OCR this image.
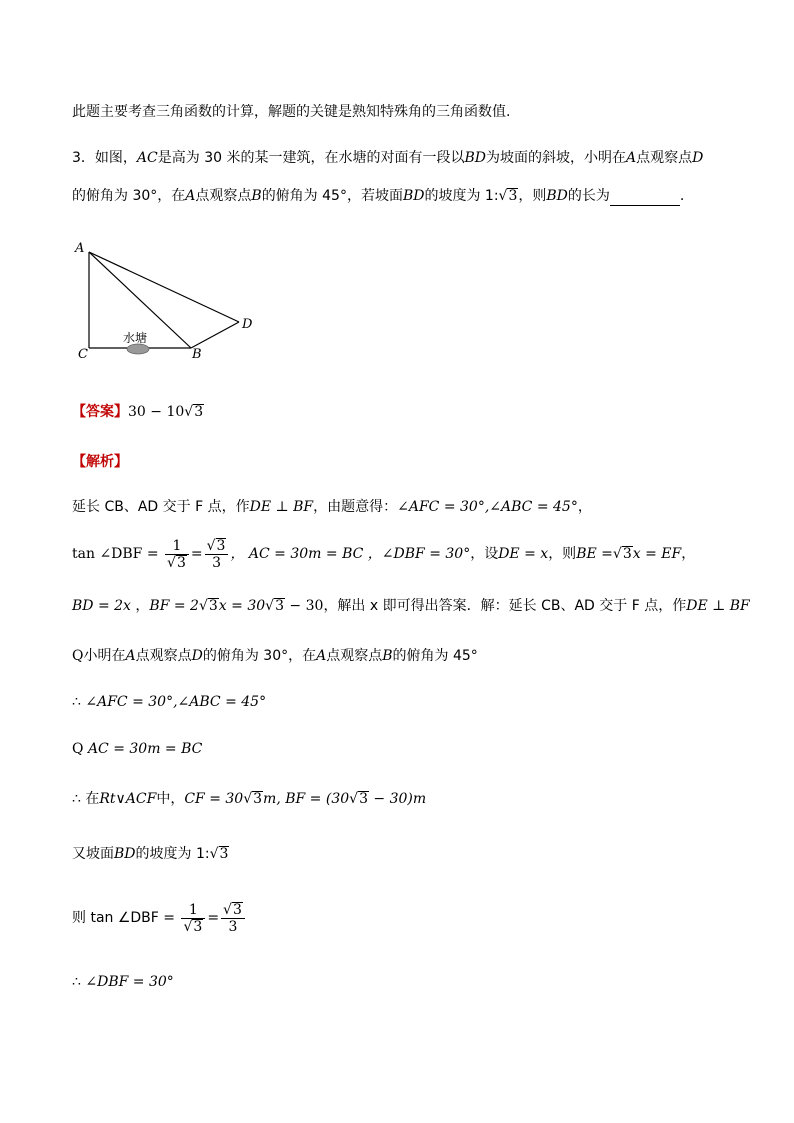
此题主要考查三角函数的计算，解题的关键是熟知特殊角的三角函数值.
3．如图，AC是高为 30 米的某一建筑，在水塘的对面有一段以BD为坡面的斜坡，小明在A点观察点D
的俯角为 30°，在A点观察点B的俯角为 45°，若坡面BD的坡度为 1:√3，则BD的长为	.
A
C	B
D
水塘
【答案】30 − 10√3
【解析】
延长 CB、AD 交于 F 点，作DE ⊥ BF，由题意得：∠AFC = 30°,∠ABC = 45°，
tan ∠DBF = $\frac{1}{√3} = \frac{√3}{3}$ ， AC = 30m = BC ，∠DBF = 30°，设DE = x，则BE =√3x = EF，
BD = 2x ，BF = 2√3x = 30√3 − 30，解出 x 即可得出答案．解：延长 CB、AD 交于 F 点，作DE ⊥ BF
Q小明在A点观察点D的俯角为 30°，在A点观察点B的俯角为 45°
∴ ∠AFC = 30°,∠ABC = 45°
Q AC = 30m = BC
∴ 在Rt∨ACF中，CF = 30√3m, BF = (30√3 − 30)m
又坡面BD的坡度为 1:√3
则 tan ∠DBF = $\frac{1}{√3} = \frac{√3}{3}$
∴ ∠DBF = 30°
